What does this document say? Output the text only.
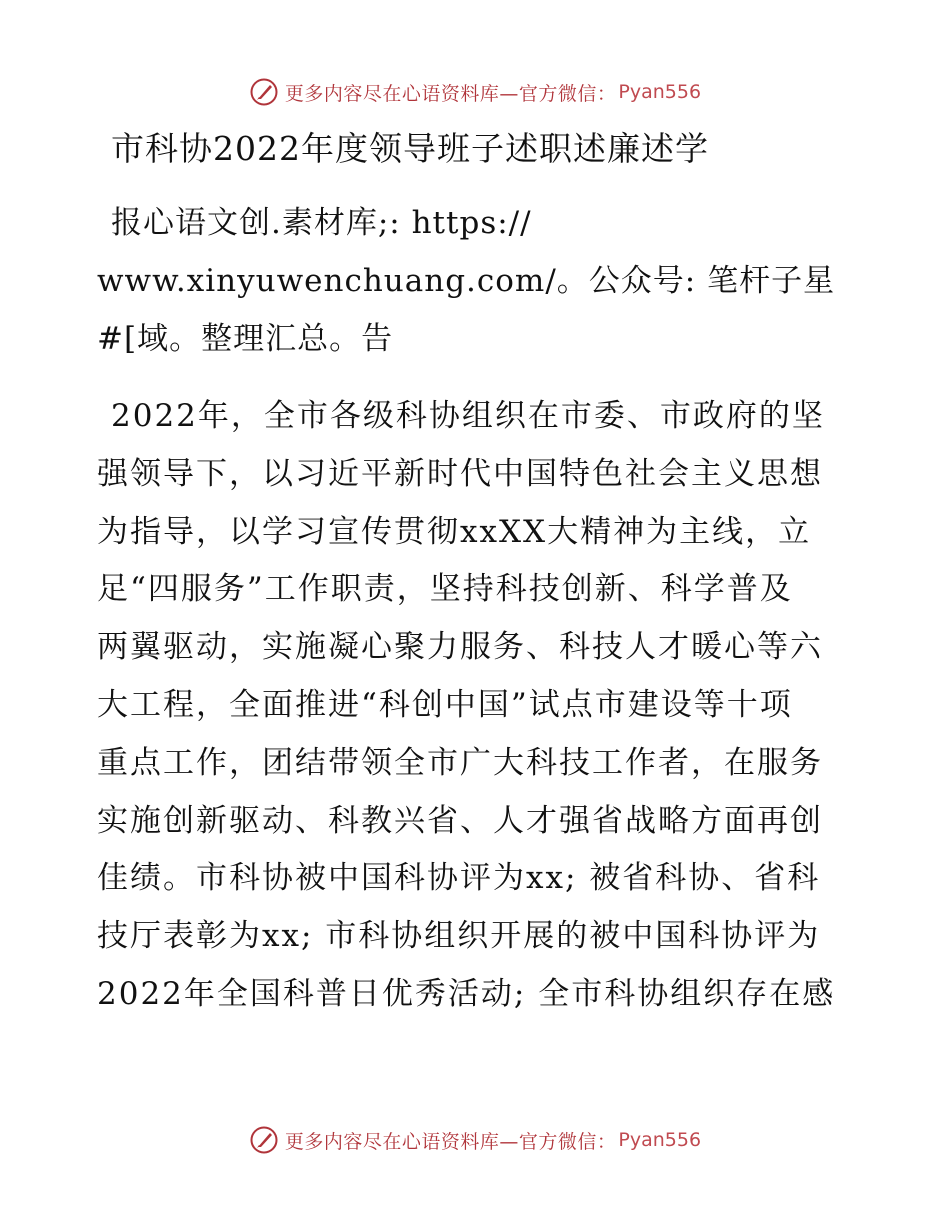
更多内容尽在心语资料库—官方微信： Pyan556
市科协2022年度领导班子述职述廉述学
报心语文创.素材库;: https://
www.xinyuwenchuang.com/。公众号: 笔杆子星
#[域。整理汇总。告
2022年，全市各级科协组织在市委、市政府的坚
强领导下，以习近平新时代中国特色社会主义思想
为指导，以学习宣传贯彻xxXX大精神为主线，立
足“四服务”工作职责，坚持科技创新、科学普及
两翼驱动，实施凝心聚力服务、科技人才暖心等六
大工程，全面推进“科创中国”试点市建设等十项
重点工作，团结带领全市广大科技工作者，在服务
实施创新驱动、科教兴省、人才强省战略方面再创
佳绩。市科协被中国科协评为xx; 被省科协、省科
技厅表彰为xx; 市科协组织开展的被中国科协评为
2022年全国科普日优秀活动; 全市科协组织存在感
更多内容尽在心语资料库—官方微信： Pyan556
